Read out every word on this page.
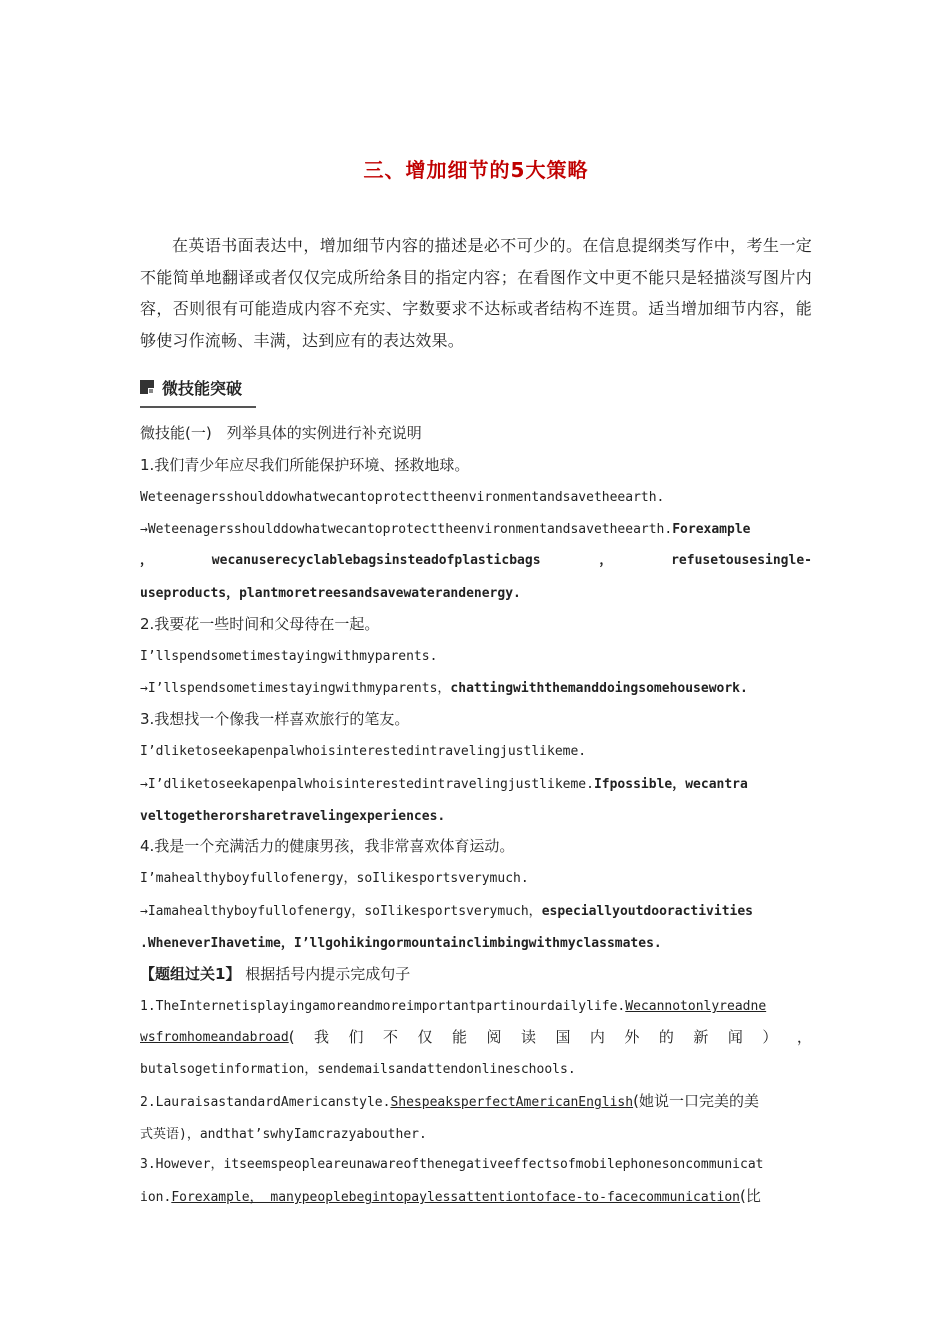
三、增加细节的5大策略

在英语书面表达中，增加细节内容的描述是必不可少的。在信息提纲类写作中，考生一定不能简单地翻译或者仅仅完成所给条目的指定内容；在看图作文中更不能只是轻描淡写图片内容，否则很有可能造成内容不充实、字数要求不达标或者结构不连贯。适当增加细节内容，能够使习作流畅、丰满，达到应有的表达效果。

微技能突破
微技能(一)　列举具体的实例进行补充说明
1.我们青少年应尽我们所能保护环境、拯救地球。
Weteenagersshoulddowhatwecantoprotecttheenvironmentandsavetheearth.
→Weteenagersshoulddowhatwecantoprotecttheenvironmentandsavetheearth.Forexample
，	wecanuserecyclablebagsinsteadofplasticbags	，	refusetousesingle-
useproducts，plantmoretreesandsavewaterandenergy.
2.我要花一些时间和父母待在一起。
I’llspendsometimestayingwithmyparents.
→I’llspendsometimestayingwithmyparents，chattingwiththemanddoingsomehousework.
3.我想找一个像我一样喜欢旅行的笔友。
I’dliketoseekapenpalwhoisinterestedintravelingjustlikeme.
→I’dliketoseekapenpalwhoisinterestedintravelingjustlikeme.Ifpossible，wecantra
veltogetherorsharetravelingexperiences.
4.我是一个充满活力的健康男孩，我非常喜欢体育运动。
I’mahealthyboyfullofenergy，soIlikesportsverymuch.
→Iamahealthyboyfullofenergy，soIlikesportsverymuch，especiallyoutdooractivities
.WheneverIhavetime，I’llgohikingormountainclimbingwithmyclassmates.
【题组过关1】 根据括号内提示完成句子
1.TheInternetisplayingamoreandmoreimportantpartinourdailylife.Wecannotonlyreadne
wsfromhomeandabroad ( 我 们 不 仅 能 阅 读 国 内 外 的 新 闻 ） ，
butalsogetinformation，sendemailsandattendonlineschools.
2.LauraisastandardAmericanstyle.ShespeaksperfectAmericanEnglish(她说一口完美的美
式英语)，andthat’swhyIamcrazyabouther.
3.However，itseemspeopleareunawareofthenegativeeffectsofmobilephonesoncommunicat
ion.Forexample， manypeoplebegintopaylessattentiontoface-to-facecommunication(比
